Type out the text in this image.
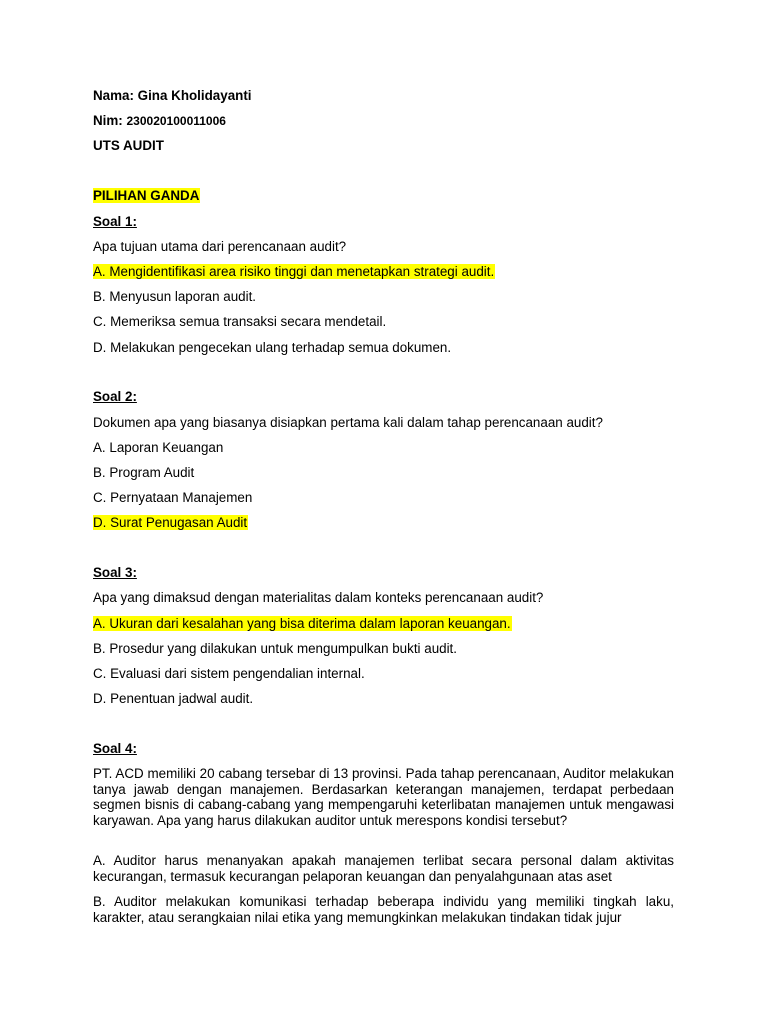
Nama: Gina Kholidayanti

Nim: 230020100011006

UTS AUDIT

PILIHAN GANDA

Soal 1:

Apa tujuan utama dari perencanaan audit?

A. Mengidentifikasi area risiko tinggi dan menetapkan strategi audit.

B. Menyusun laporan audit.

C. Memeriksa semua transaksi secara mendetail.

D. Melakukan pengecekan ulang terhadap semua dokumen.

Soal 2:

Dokumen apa yang biasanya disiapkan pertama kali dalam tahap perencanaan audit?

A. Laporan Keuangan

B. Program Audit

C. Pernyataan Manajemen

D. Surat Penugasan Audit

Soal 3:

Apa yang dimaksud dengan materialitas dalam konteks perencanaan audit?

A. Ukuran dari kesalahan yang bisa diterima dalam laporan keuangan.

B. Prosedur yang dilakukan untuk mengumpulkan bukti audit.

C. Evaluasi dari sistem pengendalian internal.

D. Penentuan jadwal audit.

Soal 4:

PT. ACD memiliki 20 cabang tersebar di 13 provinsi. Pada tahap perencanaan, Auditor melakukan tanya jawab dengan manajemen. Berdasarkan keterangan manajemen, terdapat perbedaan segmen bisnis di cabang-cabang yang mempengaruhi keterlibatan manajemen untuk mengawasi karyawan. Apa yang harus dilakukan auditor untuk merespons kondisi tersebut?

A. Auditor harus menanyakan apakah manajemen terlibat secara personal dalam aktivitas kecurangan, termasuk kecurangan pelaporan keuangan dan penyalahgunaan atas aset

B. Auditor melakukan komunikasi terhadap beberapa individu yang memiliki tingkah laku, karakter, atau serangkaian nilai etika yang memungkinkan melakukan tindakan tidak jujur
